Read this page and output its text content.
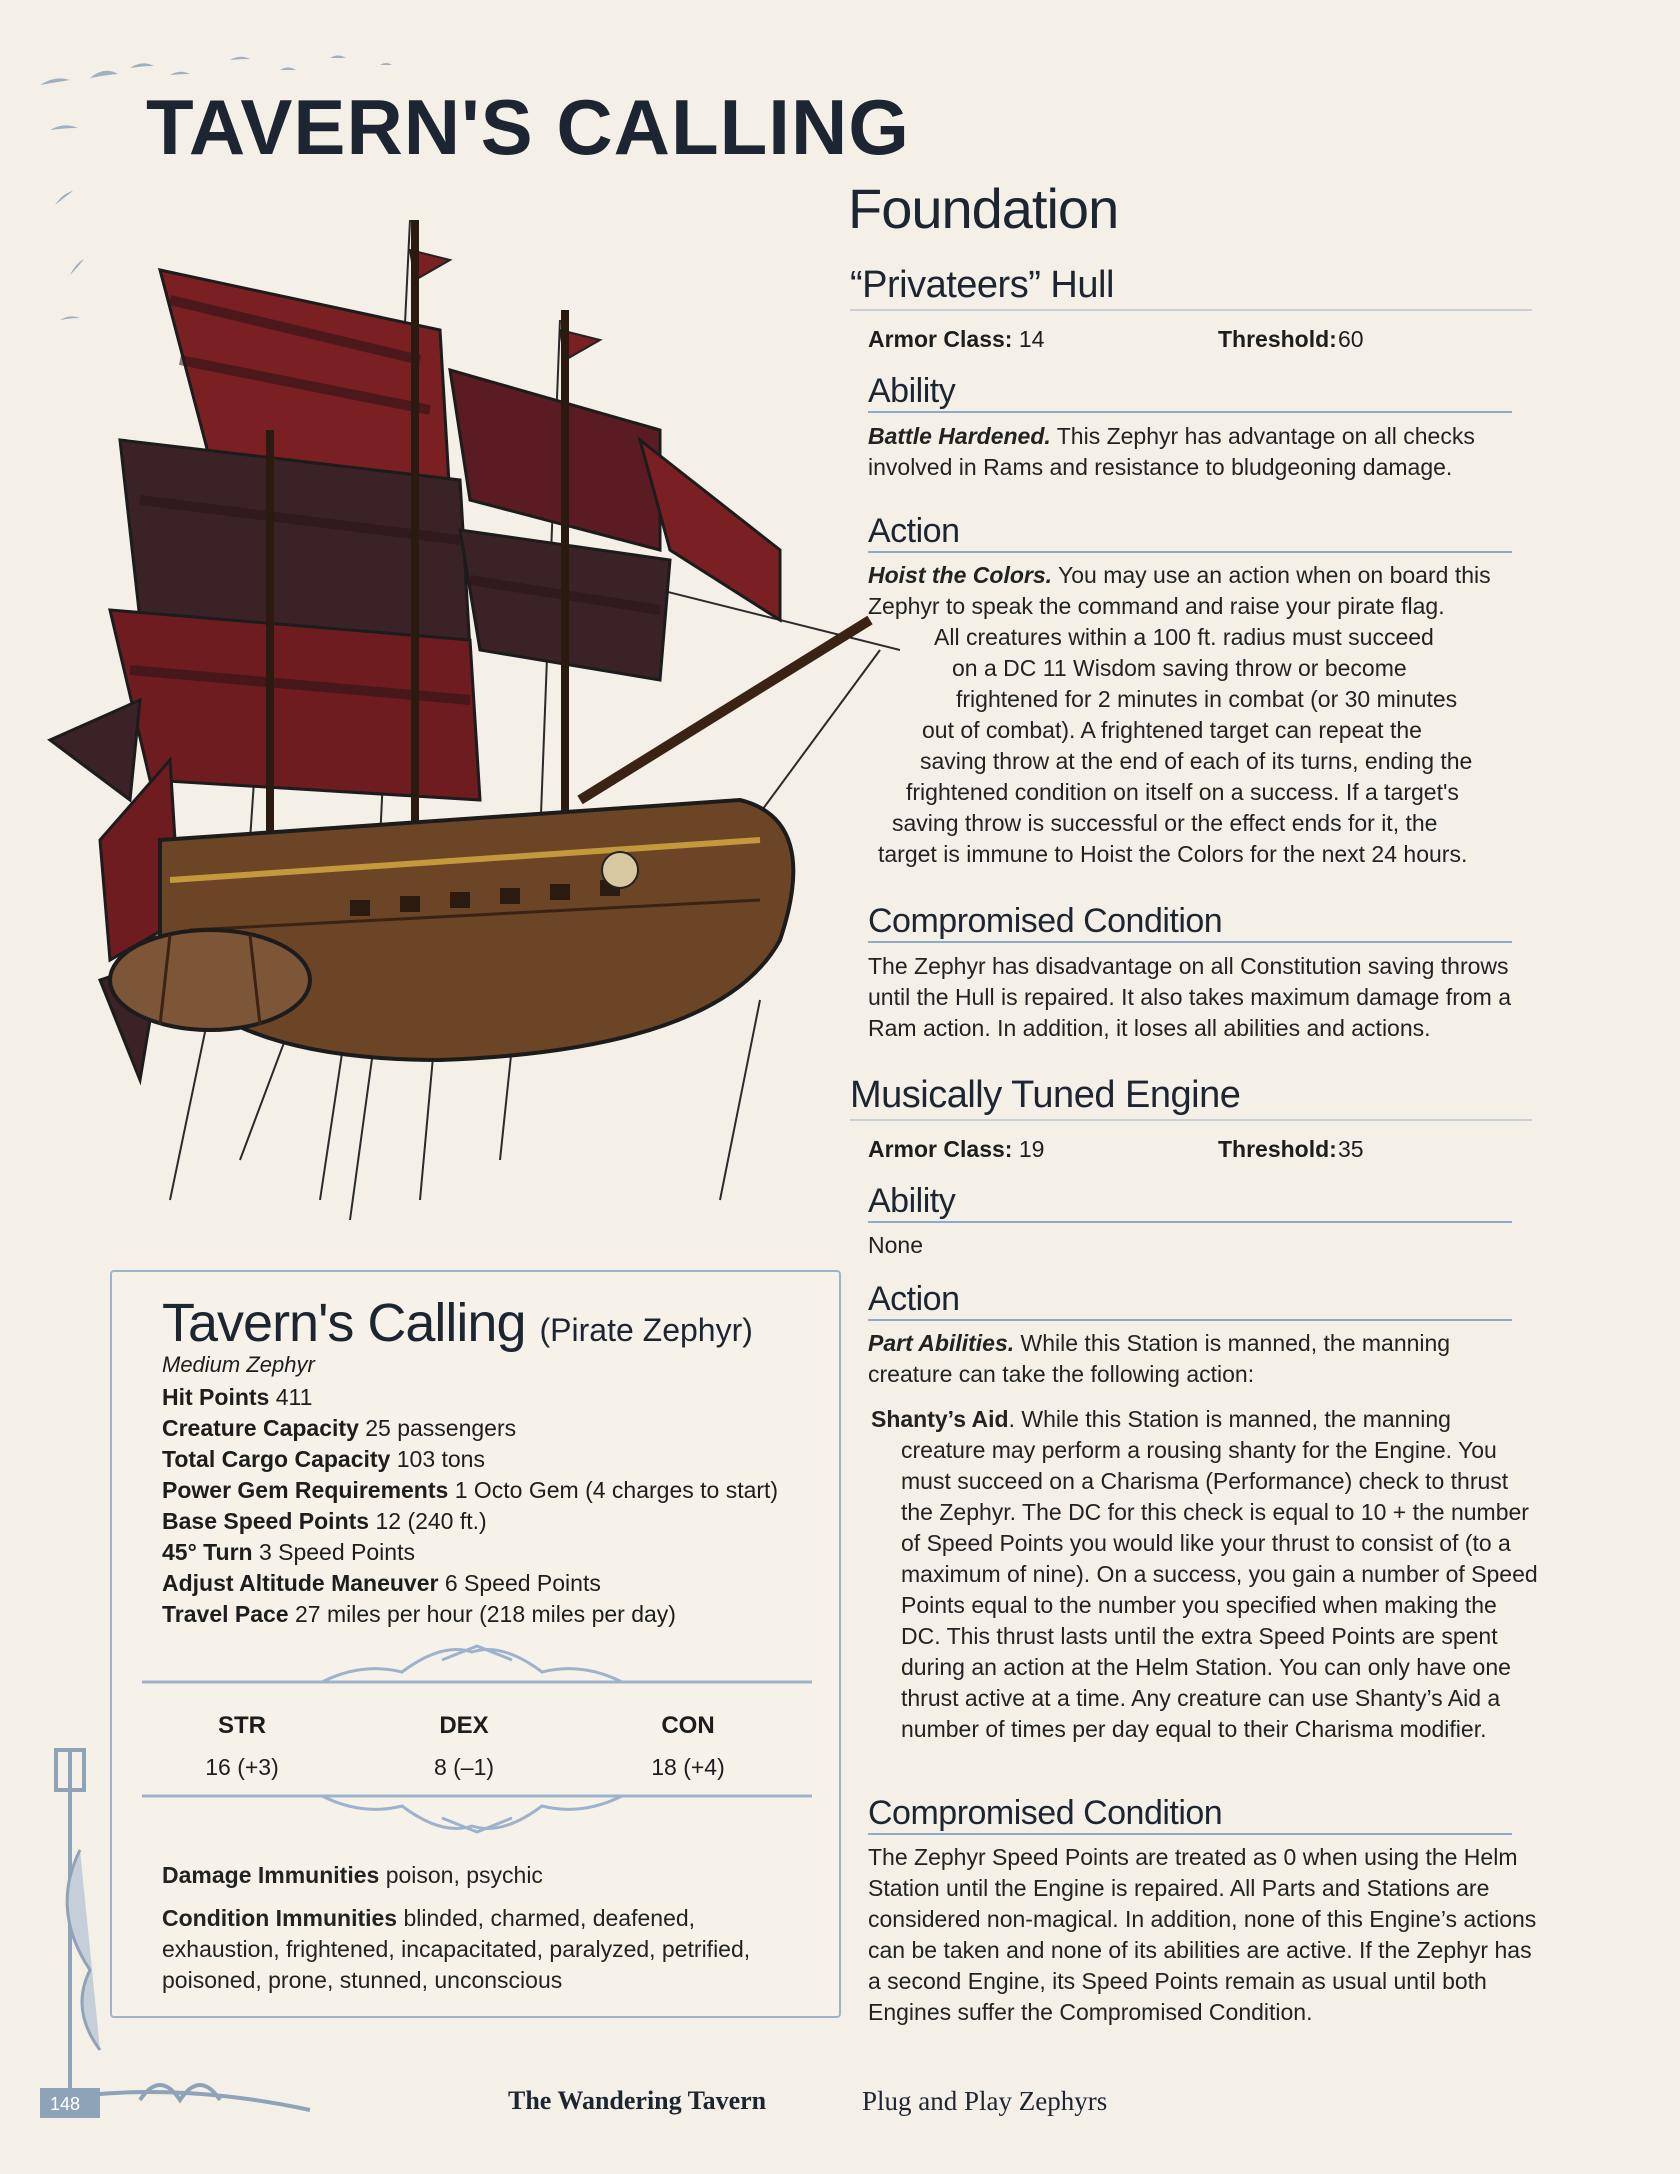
TAVERN'S CALLING
Foundation
“Privateers” Hull
Armor Class: 14	Threshold: 60
Ability
Battle Hardened. This Zephyr has advantage on all checks involved in Rams and resistance to bludgeoning damage.
Action
Hoist the Colors. You may use an action when on board this
Zephyr to speak the command and raise your pirate flag.
All creatures within a 100 ft. radius must succeed
on a DC 11 Wisdom saving throw or become
frightened for 2 minutes in combat (or 30 minutes
out of combat). A frightened target can repeat the
saving throw at the end of each of its turns, ending the
frightened condition on itself on a success. If a target's
saving throw is successful or the effect ends for it, the
target is immune to Hoist the Colors for the next 24 hours.
Compromised Condition
The Zephyr has disadvantage on all Constitution saving throws until the Hull is repaired. It also takes maximum damage from a Ram action. In addition, it loses all abilities and actions.
Musically Tuned Engine
Armor Class: 19	Threshold: 35
Ability
None
Action
Part Abilities. While this Station is manned, the manning creature can take the following action:
Shanty’s Aid. While this Station is manned, the manning creature may perform a rousing shanty for the Engine. You must succeed on a Charisma (Performance) check to thrust the Zephyr. The DC for this check is equal to 10 + the number of Speed Points you would like your thrust to consist of (to a maximum of nine). On a success, you gain a number of Speed Points equal to the number you specified when making the DC. This thrust lasts until the extra Speed Points are spent during an action at the Helm Station. You can only have one thrust active at a time. Any creature can use Shanty’s Aid a number of times per day equal to their Charisma modifier.
Compromised Condition
The Zephyr Speed Points are treated as 0 when using the Helm Station until the Engine is repaired. All Parts and Stations are considered non-magical. In addition, none of this Engine’s actions can be taken and none of its abilities are active. If the Zephyr has a second Engine, its Speed Points remain as usual until both Engines suffer the Compromised Condition.
Tavern's Calling (Pirate Zephyr)
Medium Zephyr
Hit Points 411
Creature Capacity 25 passengers
Total Cargo Capacity 103 tons
Power Gem Requirements 1 Octo Gem (4 charges to start)
Base Speed Points 12 (240 ft.)
45° Turn 3 Speed Points
Adjust Altitude Maneuver 6 Speed Points
Travel Pace 27 miles per hour (218 miles per day)
STR	DEX	CON
16 (+3)	8 (–1)	18 (+4)
Damage Immunities poison, psychic
Condition Immunities blinded, charmed, deafened, exhaustion, frightened, incapacitated, paralyzed, petrified, poisoned, prone, stunned, unconscious
148	The Wandering Tavern	Plug and Play Zephyrs
